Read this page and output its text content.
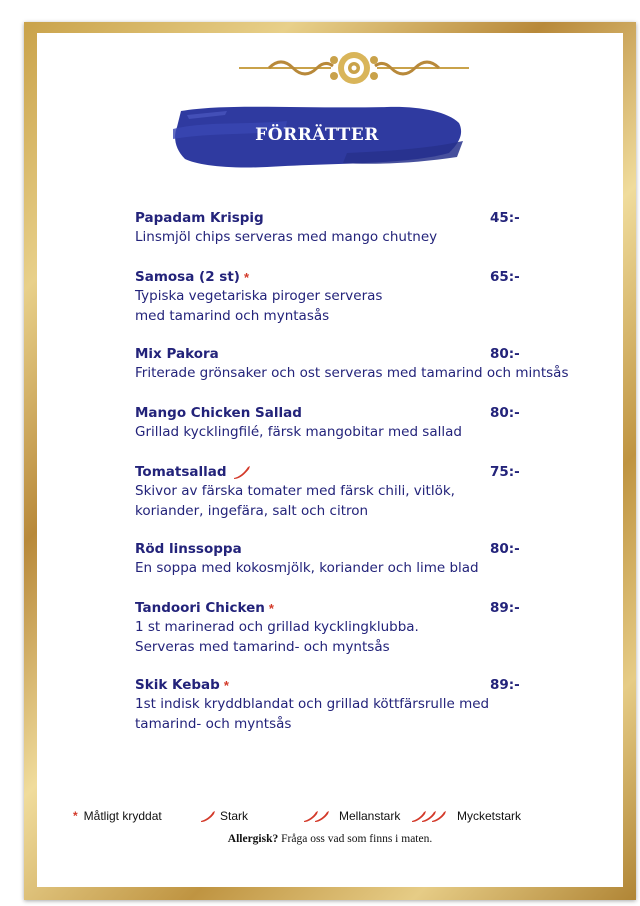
FÖRRÄTTER
Papadam Krispig	45:-
Linsmjöl chips serveras med mango chutney
Samosa (2 st) *	65:-
Typiska vegetariska piroger serveras
med tamarind och myntasås
Mix Pakora	80:-
Friterade grönsaker och ost serveras med tamarind och mintsås
Mango Chicken Sallad	80:-
Grillad kycklingfilé, färsk mangobitar med sallad
Tomatsallad	75:-
Skivor av färska tomater med färsk chili, vitlök,
koriander, ingefära, salt och citron
Röd linssoppa	80:-
En soppa med kokosmjölk, koriander och lime blad
Tandoori Chicken *	89:-
1 st marinerad och grillad kycklingklubba.
Serveras med tamarind- och myntsås
Skik Kebab *	89:-
1st indisk kryddblandat och grillad köttfärsrulle med
tamarind- och myntsås
* Måtligt kryddat	Stark	Mellanstark	Mycketstark
Allergisk? Fråga oss vad som finns i maten.
